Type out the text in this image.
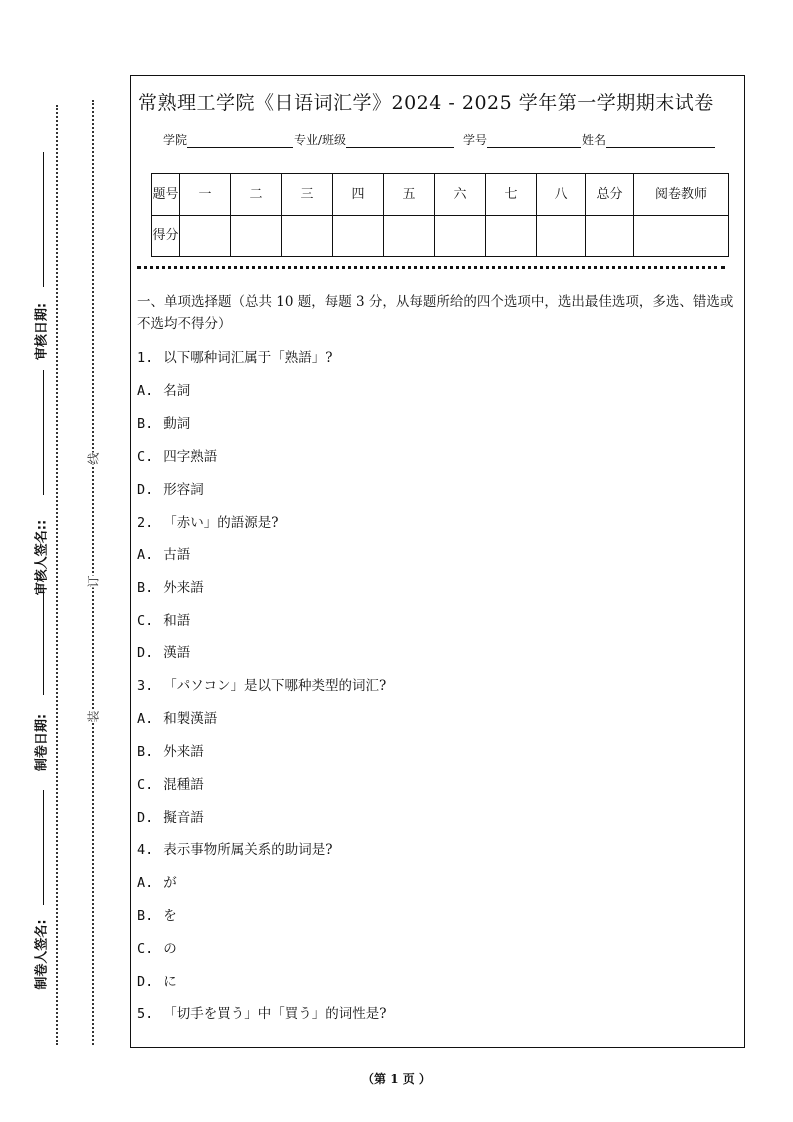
审核日期:
审核人签名::
制卷日期:
制卷人签名:
线
订
装
常熟理工学院《日语词汇学》2024 - 2025 学年第一学期期末试卷
学院	专业/班级	学号	姓名
题号	一	二	三	四	五	六	七	八	总分	阅卷教师
得分										
一、单项选择题（总共 10 题，每题 3 分，从每题所给的四个选项中，选出最佳选项，多选、错选或不选均不得分）
1. 以下哪种词汇属于「熟語」?
A. 名詞
B. 動詞
C. 四字熟語
D. 形容詞
2. 「赤い」的語源是?
A. 古語
B. 外来語
C. 和語
D. 漢語
3. 「パソコン」是以下哪种类型的词汇?
A. 和製漢語
B. 外来語
C. 混種語
D. 擬音語
4. 表示事物所属关系的助词是?
A. が
B. を
C. の
D. に
5. 「切手を買う」中「買う」的词性是?
（第 1 页 ）
